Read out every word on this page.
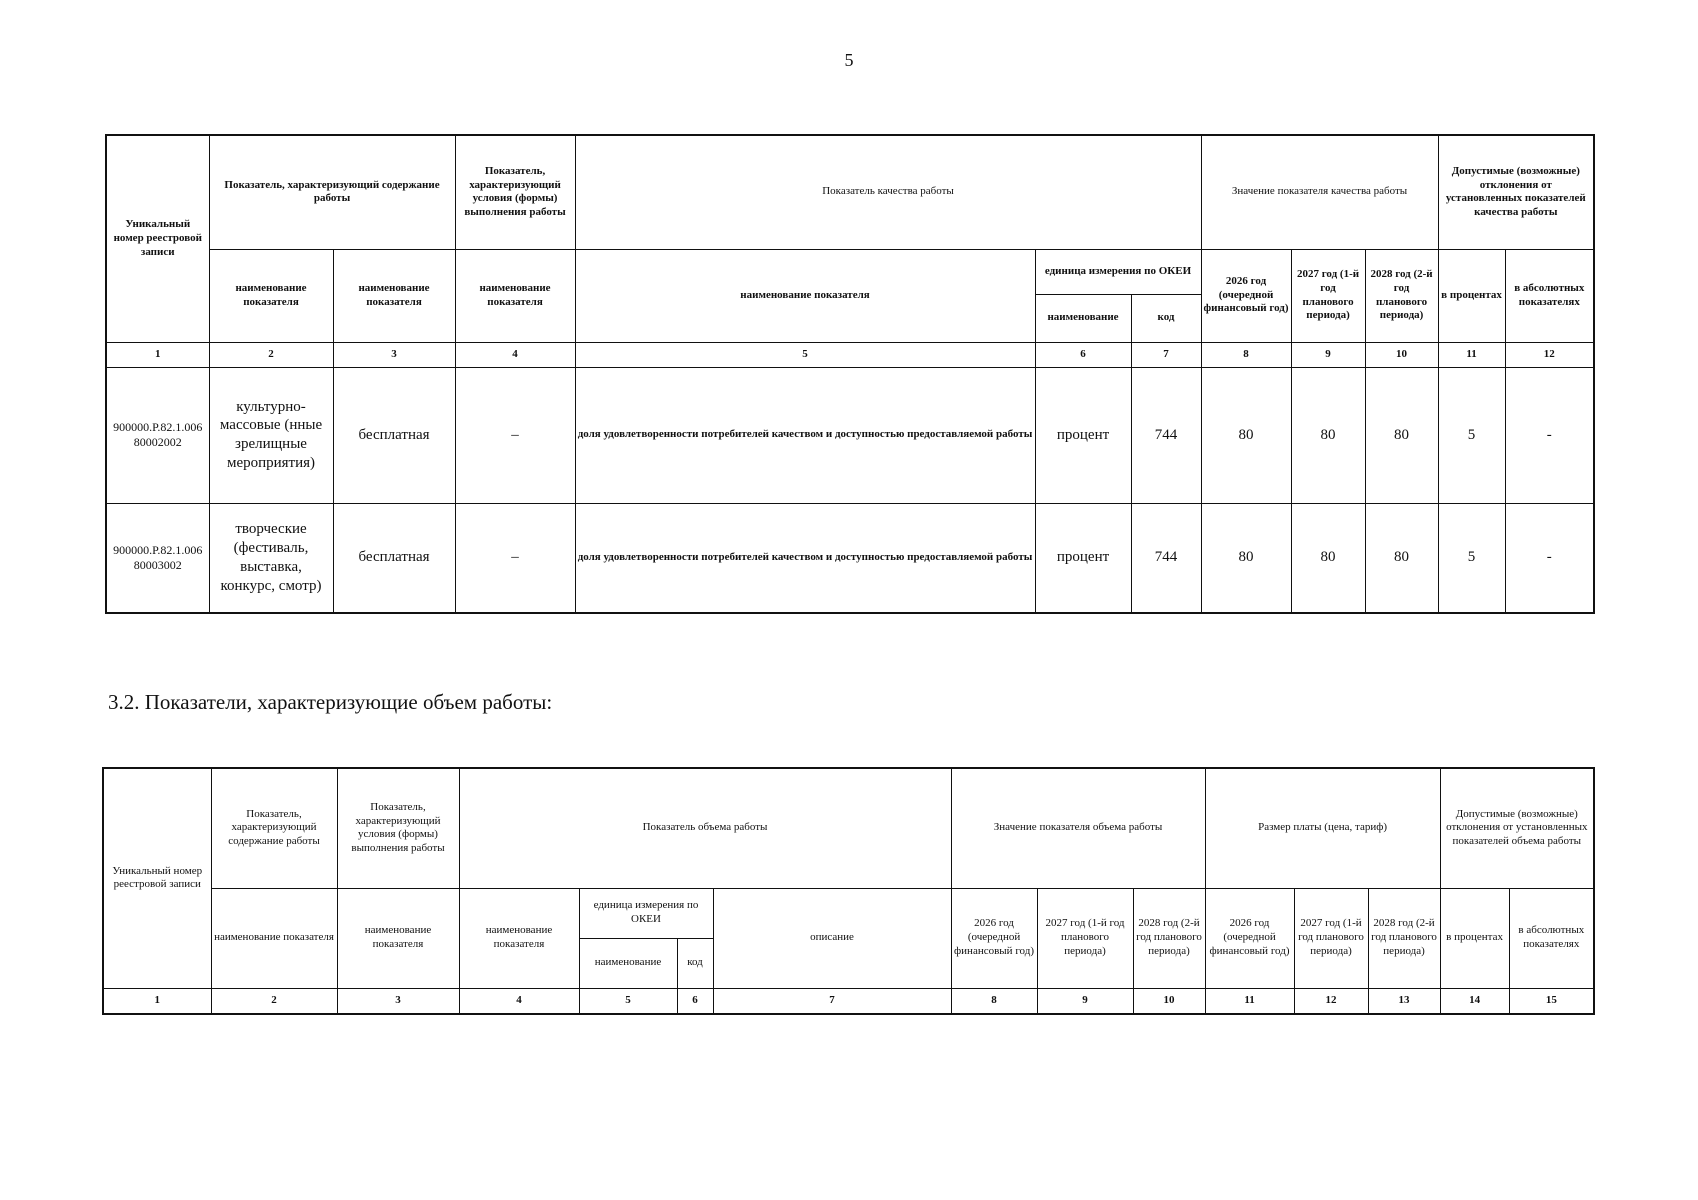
5
Уникальный номер реестровой записи	Показатель, характеризующий содержание работы		Показатель, характеризующий условия (формы) выполнения работы	Показатель качества работы			Значение показателя качества работы			Допустимые (возможные) отклонения от установленных показателей качества работы	
	наименование показателя	наименование показателя	наименование показателя	наименование показателя	единица измерения по ОКЕИ		2026 год (очередной финансовый год)	2027 год (1-й год планового периода)	2028 год (2-й год планового периода)	в процентах	в абсолютных показателях
					наименование	код					
1	2	3	4	5	6	7	8	9	10	11	12
900000.Р.82.1.006 80002002	культурно-массовые (нные зрелищные мероприятия)	бесплатная	–	доля удовлетворенности потребителей качеством и доступностью предоставляемой работы	процент	744	80	80	80	5	-
900000.Р.82.1.006 80003002	творческие (фестиваль, выставка, конкурс, смотр)	бесплатная	–	доля удовлетворенности потребителей качеством и доступностью предоставляемой работы	процент	744	80	80	80	5	-
3.2. Показатели, характеризующие объем работы:
Уникальный номер реестровой записи	Показатель, характеризующий содержание работы	Показатель, характеризующий условия (формы) выполнения работы	Показатель объема работы				Значение показателя объема работы			Размер платы (цена, тариф)			Допустимые (возможные) отклонения от установленных показателей объема работы	
	наименование показателя	наименование показателя	наименование показателя	единица измерения по ОКЕИ		описание	2026 год (очередной финансовый год)	2027 год (1-й год планового периода)	2028 год (2-й год планового периода)	2026 год (очередной финансовый год)	2027 год (1-й год планового периода)	2028 год (2-й год планового периода)	в процентах	в абсолютных показателях
				наименование	код									
1	2	3	4	5	6	7	8	9	10	11	12	13	14	15
